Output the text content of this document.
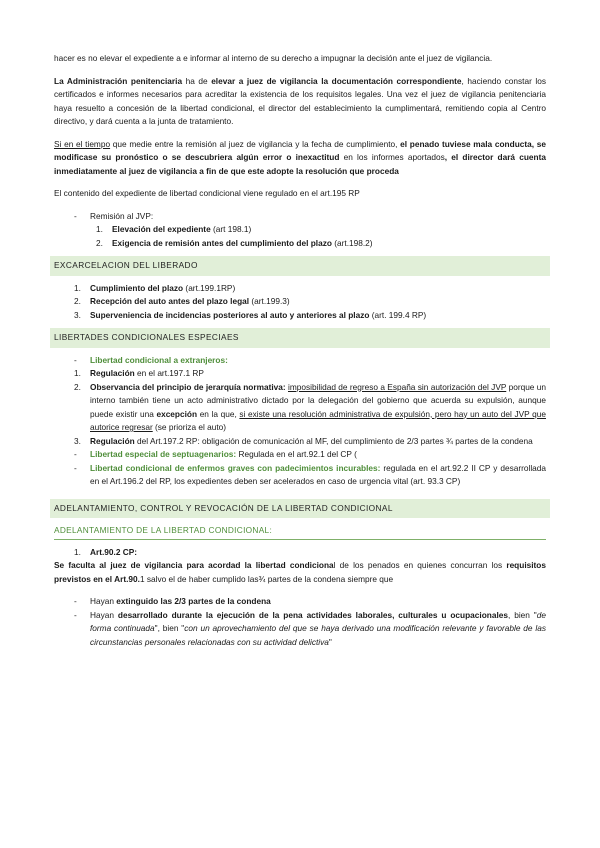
hacer es no elevar el expediente a e informar al interno de su derecho a impugnar la decisión ante el juez de vigilancia.

La Administración penitenciaria ha de elevar a juez de vigilancia la documentación correspondiente, haciendo constar los certificados e informes necesarios para acreditar la existencia de los requisitos legales. Una vez el juez de vigilancia penitenciaria haya resuelto a concesión de la libertad condicional, el director del establecimiento la cumplimentará, remitiendo copia al Centro directivo, y dará cuenta a la junta de tratamiento.

Si en el tiempo que medie entre la remisión al juez de vigilancia y la fecha de cumplimiento, el penado tuviese mala conducta, se modificase su pronóstico o se descubriera algún error o inexactitud en los informes aportados, el director dará cuenta inmediatamente al juez de vigilancia a fin de que este adopte la resolución que proceda

El contenido del expediente de libertad condicional viene regulado en el art.195 RP

- Remisión al JVP:
1. Elevación del expediente (art 198.1)
2. Exigencia de remisión antes del cumplimiento del plazo (art.198.2)
EXCARCELACION DEL LIBERADO
1. Cumplimiento del plazo (art.199.1RP)
2. Recepción del auto antes del plazo legal (art.199.3)
3. Superveniencia de incidencias posteriores al auto y anteriores al plazo (art. 199.4 RP)
LIBERTADES CONDICIONALES ESPECIAES
- Libertad condicional a extranjeros:
1. Regulación en el art.197.1 RP
2. Observancia del principio de jerarquía normativa: imposibilidad de regreso a España sin autorización del JVP porque un interno también tiene un acto administrativo dictado por la delegación del gobierno que acuerda su expulsión, aunque puede existir una excepción en la que, si existe una resolución administrativa de expulsión, pero hay un auto del JVP que autorice regresar (se prioriza el auto)
3. Regulación del Art.197.2 RP: obligación de comunicación al MF, del cumplimiento de 2/3 partes ¾ partes de la condena
- Libertad especial de septuagenarios: Regulada en el art.92.1 del CP (
- Libertad condicional de enfermos graves con padecimientos incurables: regulada en el art.92.2 II CP y desarrollada en el Art.196.2 del RP, los expedientes deben ser acelerados en caso de urgencia vital (art. 93.3 CP)
ADELANTAMIENTO, CONTROL Y REVOCACIÓN DE LA LIBERTAD CONDICIONAL
ADELANTAMIENTO DE LA LIBERTAD CONDICIONAL:
1. Art.90.2 CP:

Se faculta al juez de vigilancia para acordad la libertad condicional de los penados en quienes concurran los requisitos previstos en el Art.90.1 salvo el de haber cumplido las¾ partes de la condena siempre que

- Hayan extinguido las 2/3 partes de la condena
- Hayan desarrollado durante la ejecución de la pena actividades laborales, culturales u ocupacionales, bien "de forma continuada", bien "con un aprovechamiento del que se haya derivado una modificación relevante y favorable de las circunstancias personales relacionadas con su actividad delictiva"
